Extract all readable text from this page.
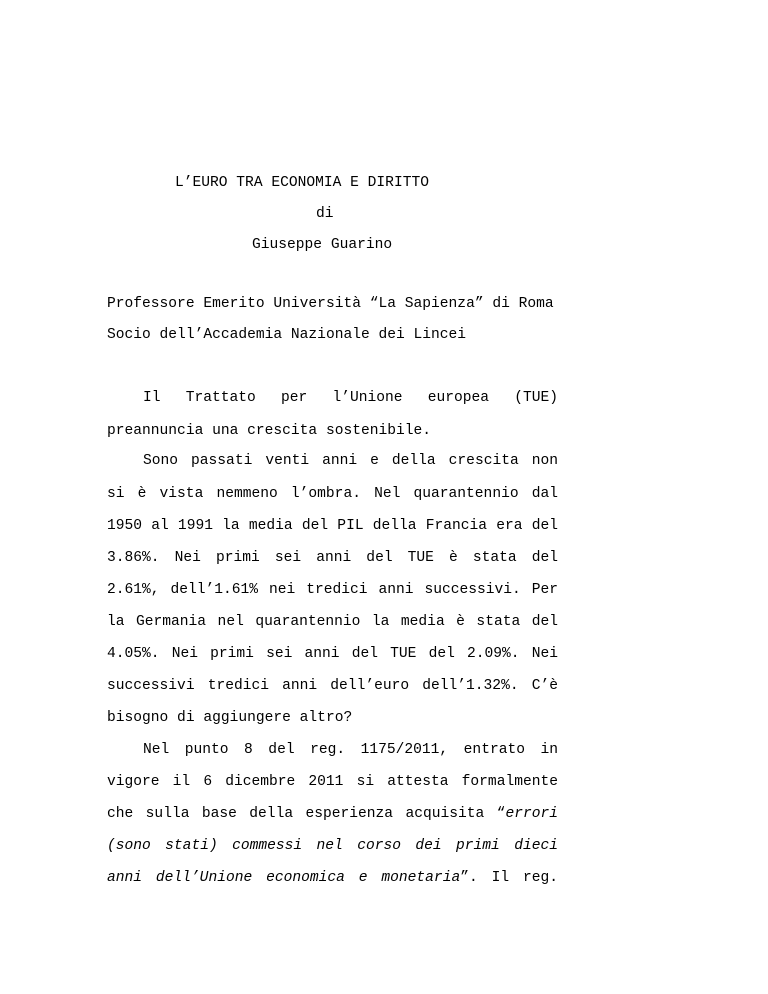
L’EURO TRA ECONOMIA E DIRITTO
di
Giuseppe Guarino
Professore Emerito Università “La Sapienza” di Roma
Socio dell’Accademia Nazionale dei Lincei
Il Trattato per l’Unione europea (TUE)
preannuncia una crescita sostenibile.
Sono passati venti anni e della crescita non
si è vista nemmeno l’ombra. Nel quarantennio dal
1950 al 1991 la media del PIL della Francia era del
3.86%. Nei primi sei anni del TUE è stata del
2.61%, dell’1.61% nei tredici anni successivi. Per
la Germania nel quarantennio la media è stata del
4.05%. Nei primi sei anni del TUE del 2.09%. Nei
successivi tredici anni dell’euro dell’1.32%. C’è
bisogno di aggiungere altro?
Nel punto 8 del reg. 1175/2011, entrato in
vigore il 6 dicembre 2011 si attesta formalmente
che sulla base della esperienza acquisita “errori
(sono stati) commessi nel corso dei primi dieci
anni dell’Unione economica e monetaria”. Il reg.
